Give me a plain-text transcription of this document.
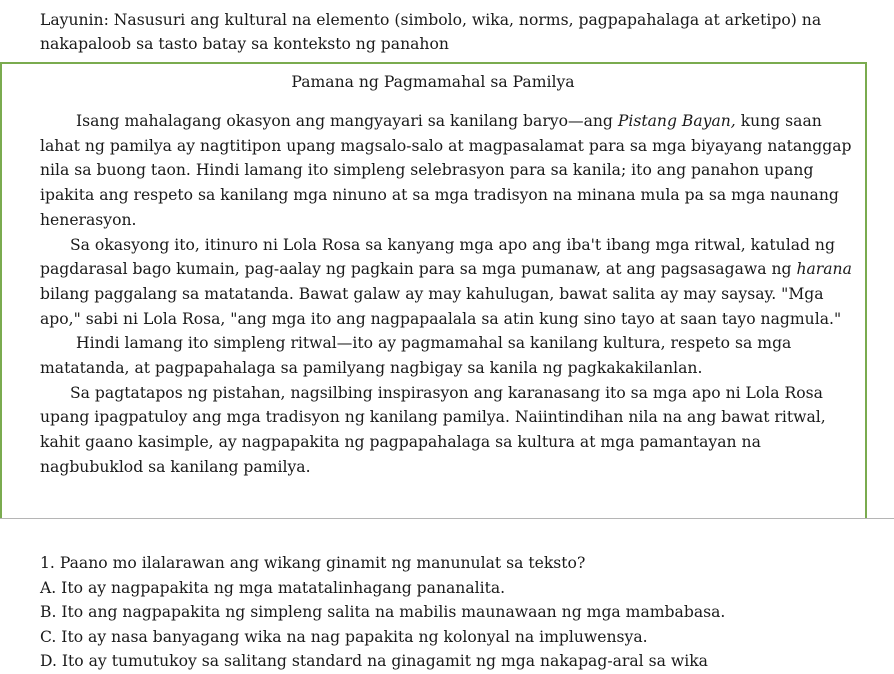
Layunin: Nasusuri ang kultural na elemento (simbolo, wika, norms, pagpapahalaga at arketipo) na nakapaloob sa tasto batay sa konteksto ng panahon
Pamana ng Pagmamahal sa Pamilya

Isang mahalagang okasyon ang mangyayari sa kanilang baryo—ang Pistang Bayan, kung saan lahat ng pamilya ay nagtitipon upang magsalo-salo at magpasalamat para sa mga biyayang natanggap nila sa buong taon. Hindi lamang ito simpleng selebrasyon para sa kanila; ito ang panahon upang ipakita ang respeto sa kanilang mga ninuno at sa mga tradisyon na minana mula pa sa mga naunang henerasyon.

Sa okasyong ito, itinuro ni Lola Rosa sa kanyang mga apo ang iba't ibang mga ritwal, katulad ng pagdarasal bago kumain, pag-aalay ng pagkain para sa mga pumanaw, at ang pagsasagawa ng harana bilang paggalang sa matatanda. Bawat galaw ay may kahulugan, bawat salita ay may saysay. "Mga apo," sabi ni Lola Rosa, "ang mga ito ang nagpapaalala sa atin kung sino tayo at saan tayo nagmula."

Hindi lamang ito simpleng ritwal—ito ay pagmamahal sa kanilang kultura, respeto sa mga matatanda, at pagpapahalaga sa pamilyang nagbigay sa kanila ng pagkakakilanlan.

Sa pagtatapos ng pistahan, nagsilbing inspirasyon ang karanasang ito sa mga apo ni Lola Rosa upang ipagpatuloy ang mga tradisyon ng kanilang pamilya. Naiintindihan nila na ang bawat ritwal, kahit gaano kasimple, ay nagpapakita ng pagpapahalaga sa kultura at mga pamantayan na nagbubuklod sa kanilang pamilya.

1. Paano mo ilalarawan ang wikang ginamit ng manunulat sa teksto?
A. Ito ay nagpapakita ng mga matatalinhagang pananalita.
B. Ito ang nagpapakita ng simpleng salita na mabilis maunawaan ng mga mambabasa.
C. Ito ay nasa banyagang wika na nag papakita ng kolonyal na impluwensya.
D. Ito ay tumutukoy sa salitang standard na ginagamit ng mga nakapag-aral sa wika
